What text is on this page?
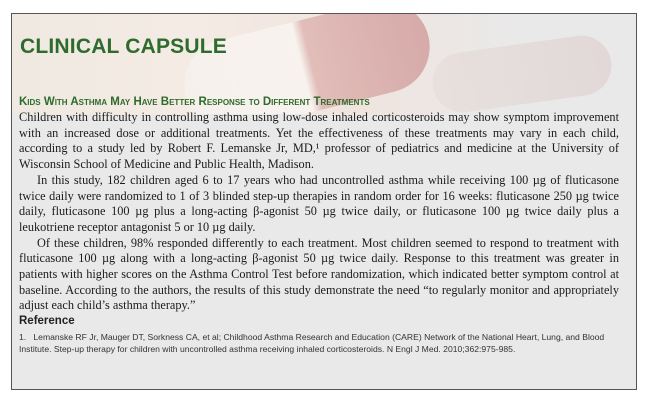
CLINICAL CAPSULE
Kids With Asthma May Have Better Response to Different Treatments

Children with difficulty in controlling asthma using low-dose inhaled corticosteroids may show symptom improvement with an increased dose or additional treatments. Yet the effectiveness of these treatments may vary in each child, according to a study led by Robert F. Lemanske Jr, MD,¹ professor of pediatrics and medicine at the University of Wisconsin School of Medicine and Public Health, Madison.

In this study, 182 children aged 6 to 17 years who had uncontrolled asthma while receiving 100 µg of fluticasone twice daily were randomized to 1 of 3 blinded step-up therapies in random order for 16 weeks: fluticasone 250 µg twice daily, fluticasone 100 µg plus a long-acting β-agonist 50 µg twice daily, or fluticasone 100 µg twice daily plus a leukotriene receptor antagonist 5 or 10 µg daily.

Of these children, 98% responded differently to each treatment. Most children seemed to respond to treatment with fluticasone 100 µg along with a long-acting β-agonist 50 µg twice daily. Response to this treatment was greater in patients with higher scores on the Asthma Control Test before randomization, which indicated better symptom control at baseline. According to the authors, the results of this study demonstrate the need “to regularly monitor and appropriately adjust each child’s asthma therapy.”

Reference
1. Lemanske RF Jr, Mauger DT, Sorkness CA, et al; Childhood Asthma Research and Education (CARE) Network of the National Heart, Lung, and Blood Institute. Step-up therapy for children with uncontrolled asthma receiving inhaled corticosteroids. N Engl J Med. 2010;362:975-985.
